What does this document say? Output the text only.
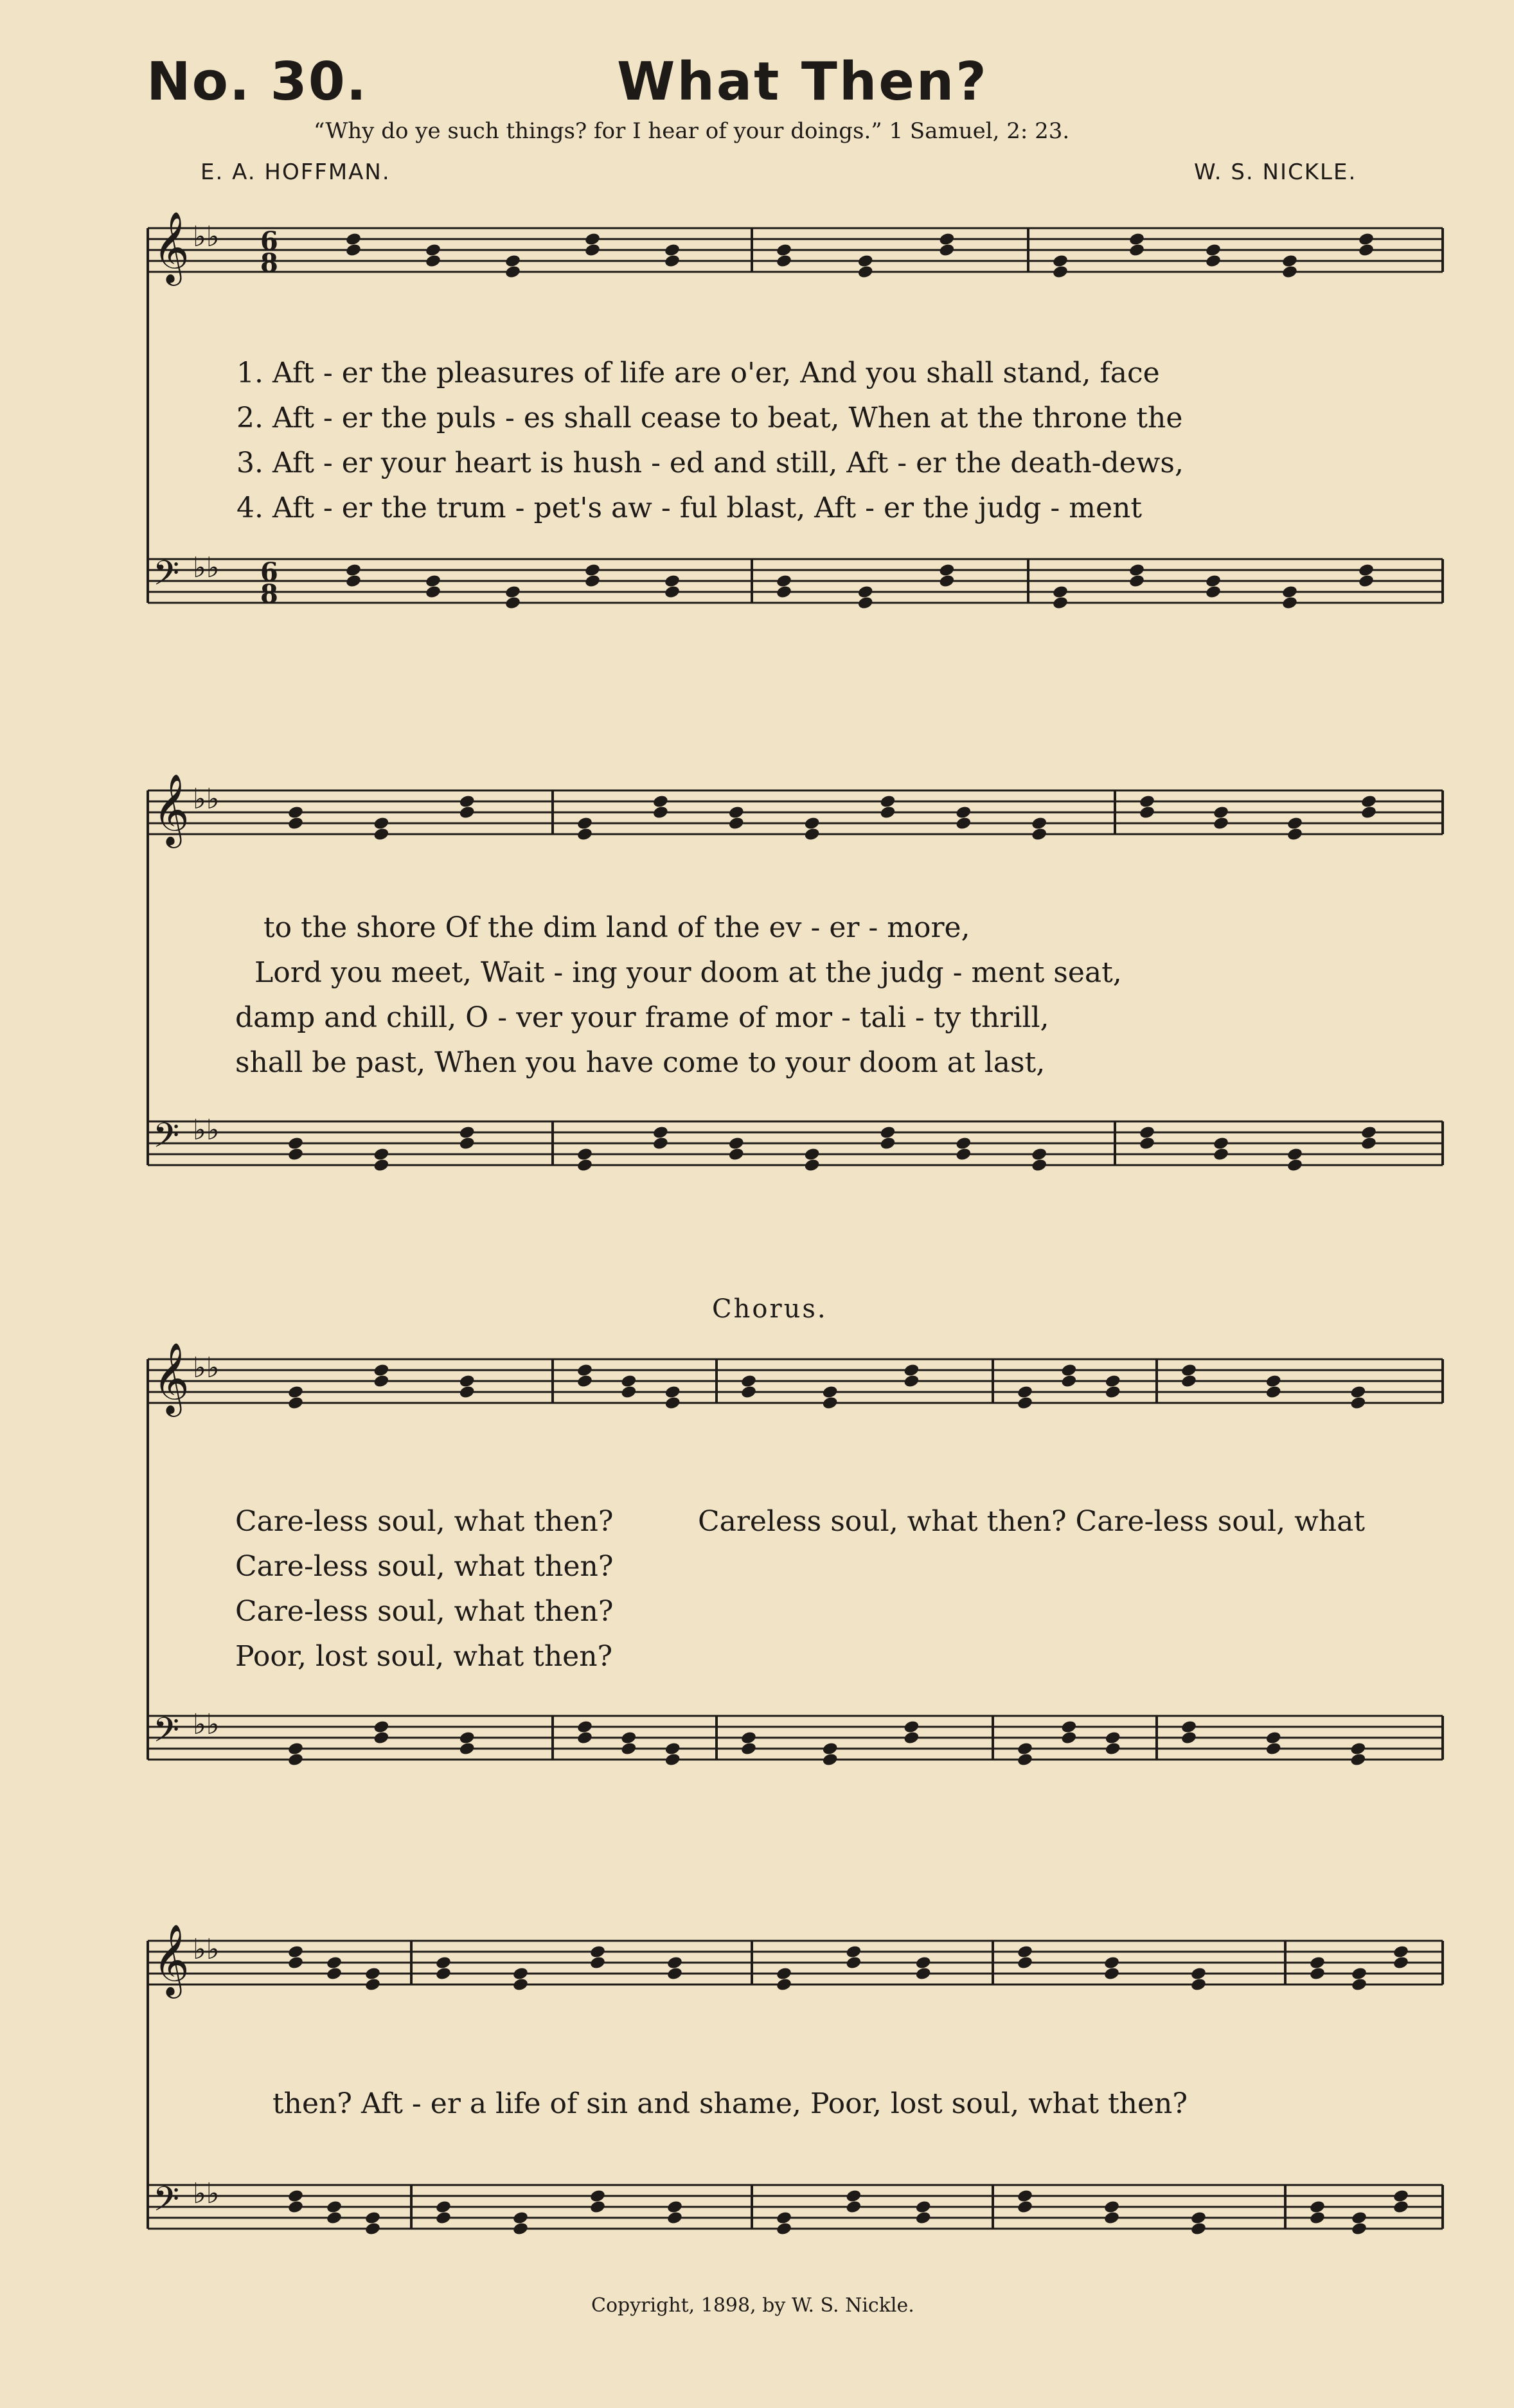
No. 30.	What Then?
“Why do ye such things? for I hear of your doings.” 1 Samuel, 2: 23.
E. A. HOFFMAN.	W. S. NICKLE.
𝄞 ♭♭ 6
8
𝄢 ♭♭ 6
8
𝄞 ♭♭
𝄢 ♭♭
𝄞 ♭♭
𝄢 ♭♭
𝄞 ♭♭
𝄢 ♭♭
1. Aft - er the pleasures of life are o'er, And you shall stand, face
2. Aft - er the puls - es shall cease to beat, When at the throne the
3. Aft - er your heart is hush - ed and still, Aft - er the death-dews,
4. Aft - er the trum - pet's aw - ful blast, Aft - er the judg - ment
to the shore Of the dim land of the ev - er - more,
Lord you meet, Wait - ing your doom at the judg - ment seat,
damp and chill, O - ver your frame of mor - tali - ty thrill,
shall be past, When you have come to your doom at last,
Chorus.
Care-less soul, what then?	Careless soul, what then? Care-less soul, what
Care-less soul, what then?
Care-less soul, what then?
Poor, lost soul, what then?
then? Aft - er a life of sin and shame, Poor, lost soul, what then?
Copyright, 1898, by W. S. Nickle.
